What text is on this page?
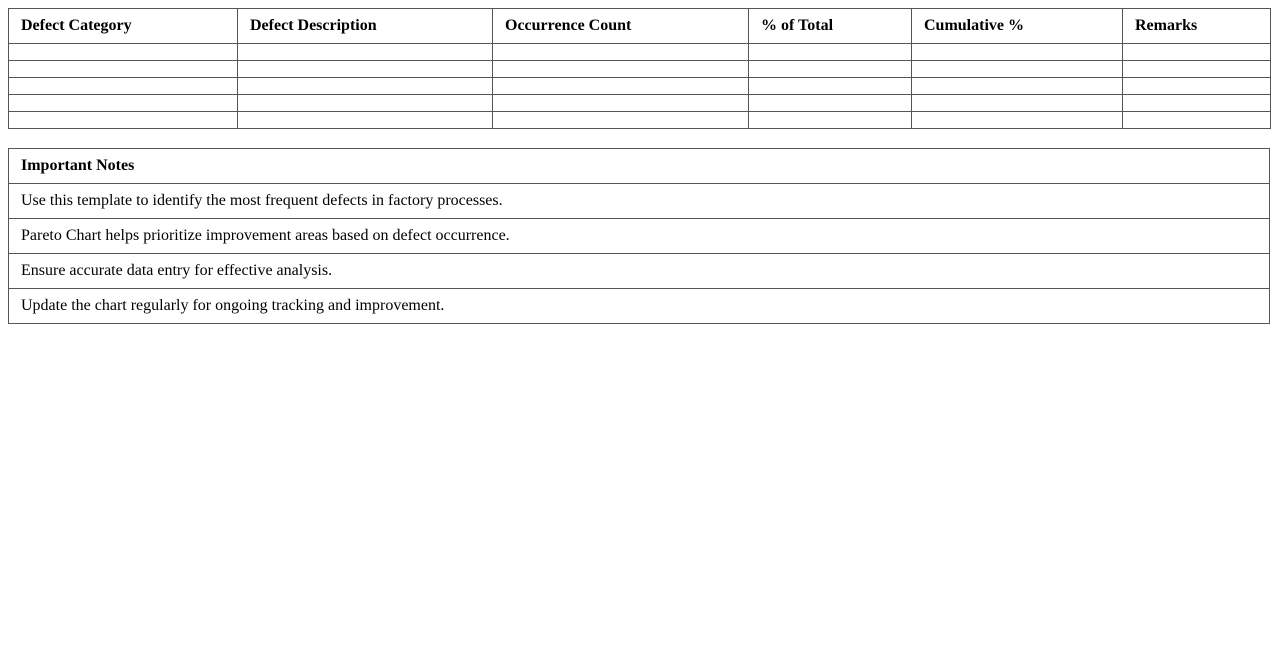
Defect Category	Defect Description	Occurrence Count	% of Total	Cumulative %	Remarks

Important Notes
Use this template to identify the most frequent defects in factory processes.
Pareto Chart helps prioritize improvement areas based on defect occurrence.
Ensure accurate data entry for effective analysis.
Update the chart regularly for ongoing tracking and improvement.
